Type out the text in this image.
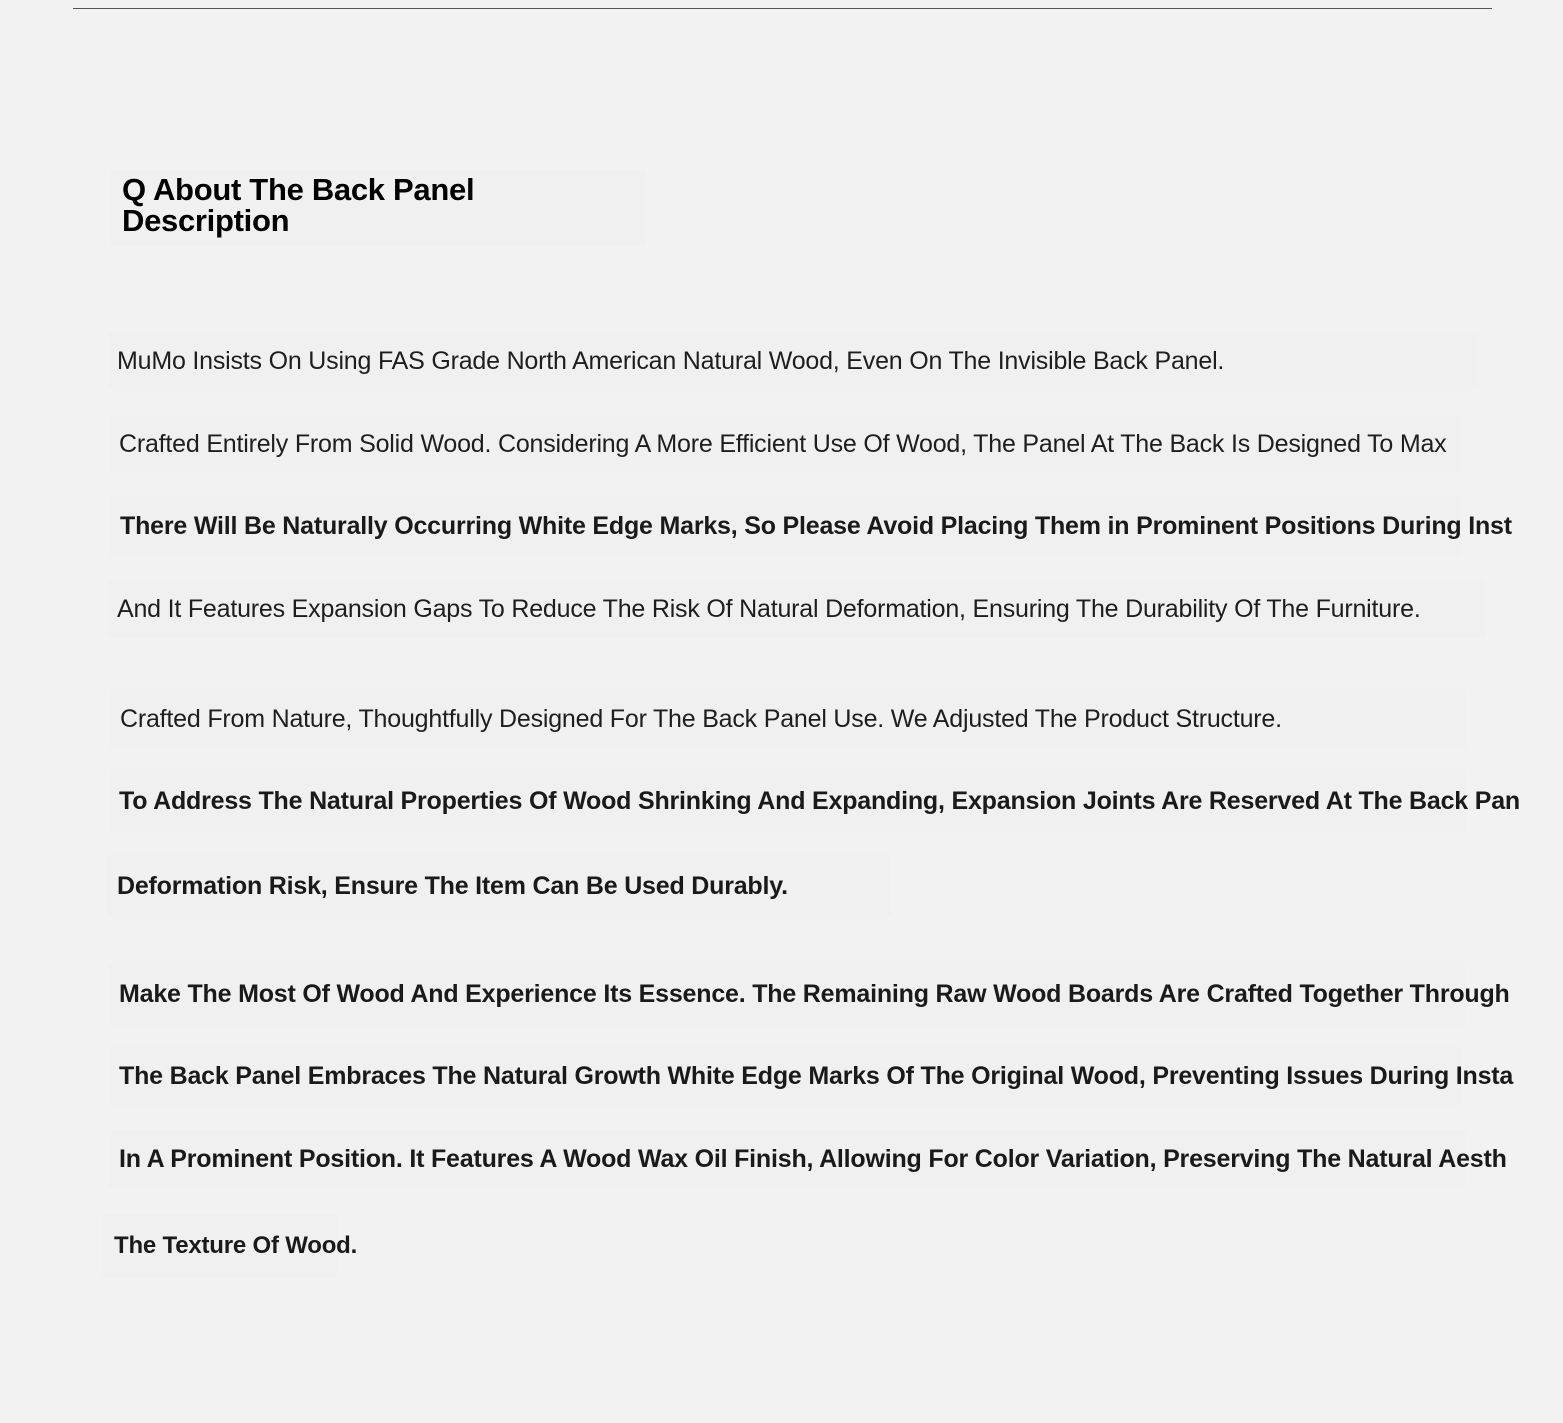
Q About The Back Panel
Description
MuMo Insists On Using FAS Grade North American Natural Wood, Even On The Invisible Back Panel.
Crafted Entirely From Solid Wood. Considering A More Efficient Use Of Wood, The Panel At The Back Is Designed To Max
There Will Be Naturally Occurring White Edge Marks, So Please Avoid Placing Them in Prominent Positions During Inst
And It Features Expansion Gaps To Reduce The Risk Of Natural Deformation, Ensuring The Durability Of The Furniture.
Crafted From Nature, Thoughtfully Designed For The Back Panel Use. We Adjusted The Product Structure.
To Address The Natural Properties Of Wood Shrinking And Expanding, Expansion Joints Are Reserved At The Back Pan
Deformation Risk, Ensure The Item Can Be Used Durably.
Make The Most Of Wood And Experience Its Essence. The Remaining Raw Wood Boards Are Crafted Together Through
The Back Panel Embraces The Natural Growth White Edge Marks Of The Original Wood, Preventing Issues During Insta
In A Prominent Position. It Features A Wood Wax Oil Finish, Allowing For Color Variation, Preserving The Natural Aesth
The Texture Of Wood.
